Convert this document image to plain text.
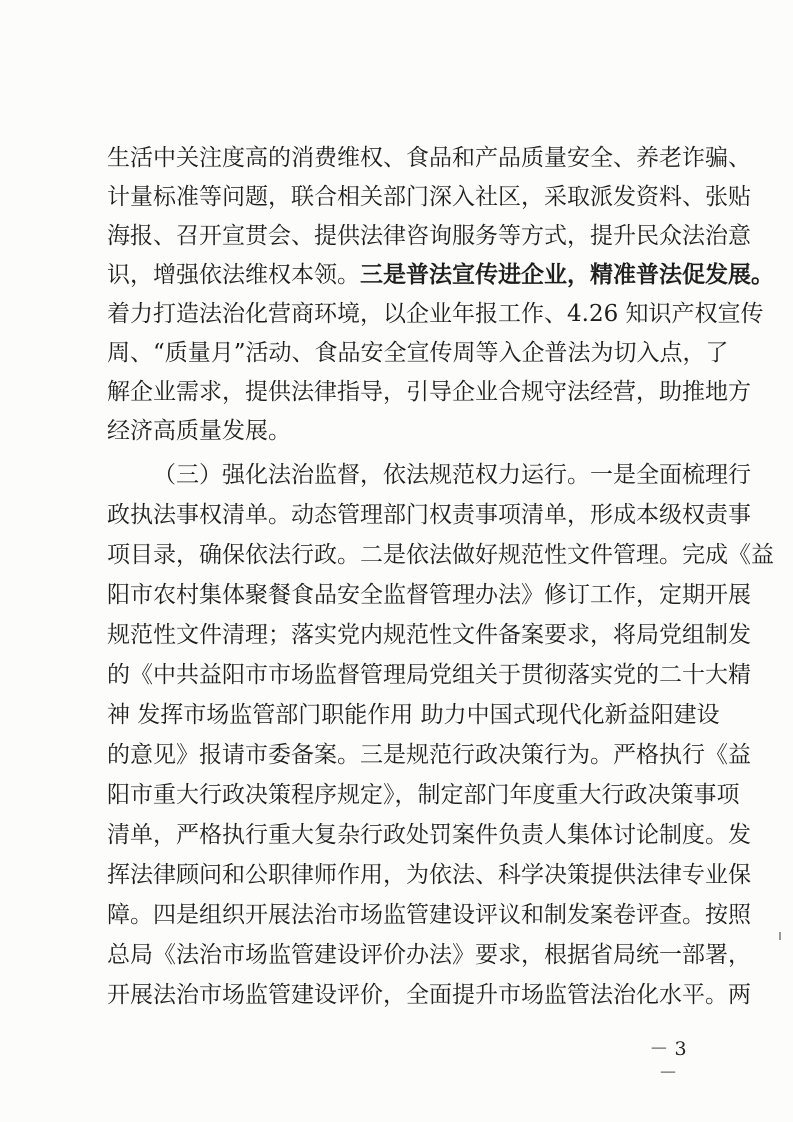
生活中关注度高的消费维权、食品和产品质量安全、养老诈骗、
计量标准等问题，联合相关部门深入社区，采取派发资料、张贴
海报、召开宣贯会、提供法律咨询服务等方式，提升民众法治意
识，增强依法维权本领。三是普法宣传进企业，精准普法促发展。
着力打造法治化营商环境，以企业年报工作、4.26 知识产权宣传
周、“质量月”活动、食品安全宣传周等入企普法为切入点，了
解企业需求，提供法律指导，引导企业合规守法经营，助推地方
经济高质量发展。
（三）强化法治监督，依法规范权力运行。一是全面梳理行
政执法事权清单。动态管理部门权责事项清单，形成本级权责事
项目录，确保依法行政。二是依法做好规范性文件管理。完成《益
阳市农村集体聚餐食品安全监督管理办法》修订工作，定期开展
规范性文件清理；落实党内规范性文件备案要求，将局党组制发
的《中共益阳市市场监督管理局党组关于贯彻落实党的二十大精
神 发挥市场监管部门职能作用 助力中国式现代化新益阳建设
的意见》报请市委备案。三是规范行政决策行为。严格执行《益
阳市重大行政决策程序规定》，制定部门年度重大行政决策事项
清单，严格执行重大复杂行政处罚案件负责人集体讨论制度。发
挥法律顾问和公职律师作用，为依法、科学决策提供法律专业保
障。四是组织开展法治市场监管建设评议和制发案卷评查。按照
总局《法治市场监管建设评价办法》要求，根据省局统一部署，
开展法治市场监管建设评价，全面提升市场监管法治化水平。两
－ 3 －
